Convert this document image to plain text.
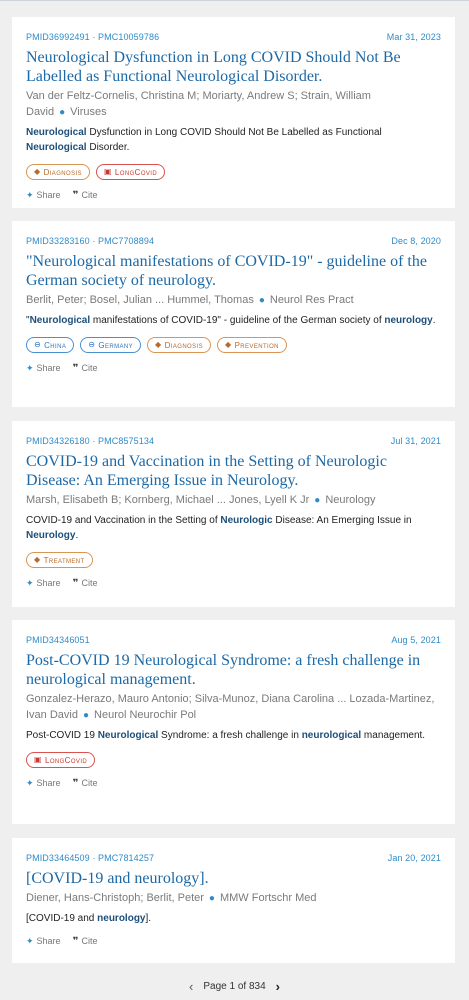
PMID36992491 · PMC10059786	Mar 31, 2023
Neurological Dysfunction in Long COVID Should Not Be Labelled as Functional Neurological Disorder.
Van der Feltz-Cornelis, Christina M; Moriarty, Andrew S; Strain, William David ● Viruses
Neurological Dysfunction in Long COVID Should Not Be Labelled as Functional Neurological Disorder.
◆ Diagnosis	▣ LongCovid
✦ Share ❞ Cite
PMID33283160 · PMC7708894	Dec 8, 2020
"Neurological manifestations of COVID-19" - guideline of the German society of neurology.
Berlit, Peter; Bosel, Julian ... Hummel, Thomas ● Neurol Res Pract
"Neurological manifestations of COVID-19" - guideline of the German society of neurology.
⊖ China	⊖ Germany	◆ Diagnosis	◆ Prevention
✦ Share ❞ Cite
PMID34326180 · PMC8575134	Jul 31, 2021
COVID-19 and Vaccination in the Setting of Neurologic Disease: An Emerging Issue in Neurology.
Marsh, Elisabeth B; Kornberg, Michael ... Jones, Lyell K Jr ● Neurology
COVID-19 and Vaccination in the Setting of Neurologic Disease: An Emerging Issue in Neurology.
◆ Treatment
✦ Share ❞ Cite
PMID34346051	Aug 5, 2021
Post-COVID 19 Neurological Syndrome: a fresh challenge in neurological management.
Gonzalez-Herazo, Mauro Antonio; Silva-Munoz, Diana Carolina ... Lozada-Martinez, Ivan David ● Neurol Neurochir Pol
Post-COVID 19 Neurological Syndrome: a fresh challenge in neurological management.
▣ LongCovid
✦ Share ❞ Cite
PMID33464509 · PMC7814257	Jan 20, 2021
[COVID-19 and neurology].
Diener, Hans-Christoph; Berlit, Peter ● MMW Fortschr Med
[COVID-19 and neurology].
✦ Share ❞ Cite
‹ Page 1 of 834 ›
